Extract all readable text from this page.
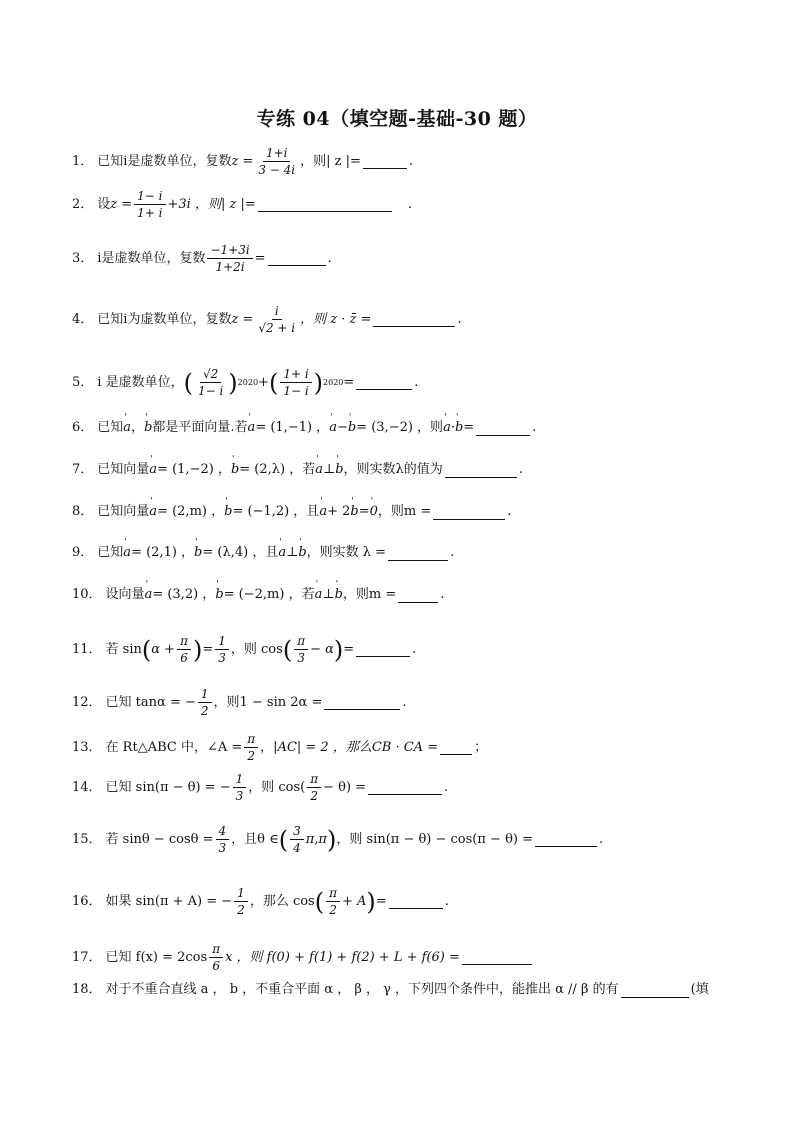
专练 04（填空题-基础-30 题）
1． 已知i是虚数单位，复数 $z = \frac{1+i}{3 - 4i}$ ，则| z |=	.
2． 设 $z = \frac{1- i}{1+ i} +3i$ ，则| z |=	.
3． i是虚数单位，复数 $\frac{-1+3i}{1+2i}$ =	.
4． 已知i为虚数单位，复数 $z = \frac{i}{√2 + i}$ ，则 z · z̄ =	.
5． i 是虚数单位， ( $\frac{√2}{1- i}$ ) 2020 + ( $\frac{1+ i}{1- i}$ ) 2020 =	.
6． 已知 ' a ， ' b 都是平面向量.若 ' a = (1,−1) ， ' a − ' b = (3,−2) ，则 ' a · ' b =	.
7． 已知向量 ' a = (1,−2) ， ' b = (2,λ) ，若 ' a ⊥ ' b ，则实数λ的值为	.
8． 已知向量 ' a = (2,m) ， ' b = (−1,2) ，且 ' a + 2 ' b = ' 0 ，则m =	.
9． 已知 ' a = (2,1) ， ' b = (λ,4) ，且 ' a ⊥ ' b ，则实数 λ =	.
10． 设向量 ' a = (3,2) ， ' b = (−2,m) ，若 ' a ⊥ ' b ，则m =	.
11． 若 sin ( $\alpha + \frac{\pi}{6}$ ) = $\frac{1}{3}$ ，则 cos ( $\frac{\pi}{3} - \alpha$ ) =	.
12． 已知 tanα = − $\frac{1}{2}$ ，则1 − sin 2α =	.
13． 在 Rt△ABC 中，∠A = $\frac{\pi}{2}$ ， |AC| = 2 ，那么 CB · CA =	；
14． 已知 sin(π − θ) = − $\frac{1}{3}$ ，则 $\cos( \frac{\pi}{2} - \theta)$ =	.
15． 若 $\sin\theta - \cos\theta = \frac{4}{3}$ ，且θ ∈ ( $\frac{3}{4} \pi,\pi$ ) ，则 sin(π − θ) − cos(π − θ) =	.
16． 如果 sin(π + A) = − $\frac{1}{2}$ ，那么 cos ( $\frac{\pi}{2} + A$ ) =	.
17． 已知 $f(x) = 2\cos \frac{\pi}{6}$ x ，则 f(0) + f(1) + f(2) + L + f(6) =
18． 对于不重合直线 a ， b ，不重合平面 α ， β ， γ ，下列四个条件中，能推出 α // β 的有	(填
